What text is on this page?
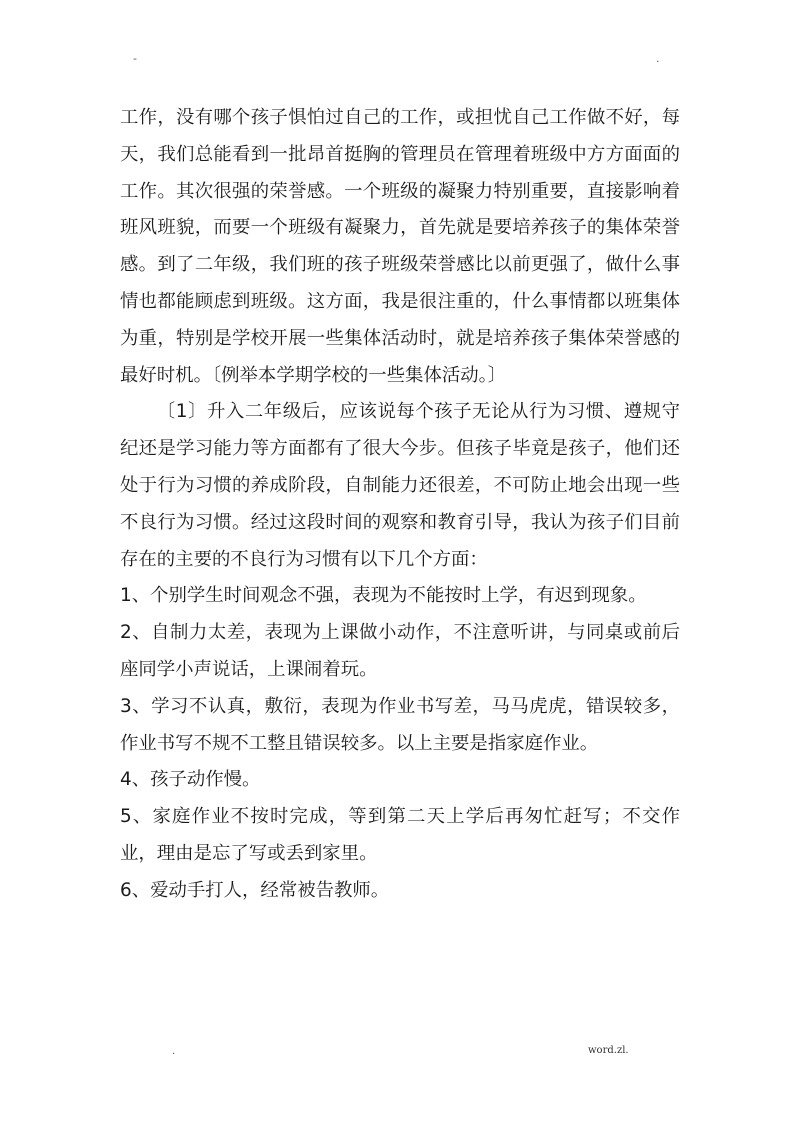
-	.

工作，没有哪个孩子惧怕过自己的工作，或担忧自己工作做不好，每天，我们总能看到一批昂首挺胸的管理员在管理着班级中方方面面的工作。其次很强的荣誉感。一个班级的凝聚力特别重要，直接影响着班风班貌，而要一个班级有凝聚力，首先就是要培养孩子的集体荣誉感。到了二年级，我们班的孩子班级荣誉感比以前更强了，做什么事情也都能顾虑到班级。这方面，我是很注重的，什么事情都以班集体为重，特别是学校开展一些集体活动时，就是培养孩子集体荣誉感的最好时机。〔例举本学期学校的一些集体活动。〕

〔1〕升入二年级后，应该说每个孩子无论从行为习惯、遵规守纪还是学习能力等方面都有了很大今步。但孩子毕竟是孩子，他们还处于行为习惯的养成阶段，自制能力还很差，不可防止地会出现一些不良行为习惯。经过这段时间的观察和教育引导，我认为孩子们目前存在的主要的不良行为习惯有以下几个方面：

1、个别学生时间观念不强，表现为不能按时上学，有迟到现象。

2、自制力太差，表现为上课做小动作，不注意听讲，与同桌或前后座同学小声说话，上课闹着玩。

3、学习不认真，敷衍，表现为作业书写差，马马虎虎，错误较多，作业书写不规不工整且错误较多。以上主要是指家庭作业。

4、孩子动作慢。

5、家庭作业不按时完成，等到第二天上学后再匆忙赶写；不交作业，理由是忘了写或丢到家里。

6、爱动手打人，经常被告教师。

.	word.zl.
